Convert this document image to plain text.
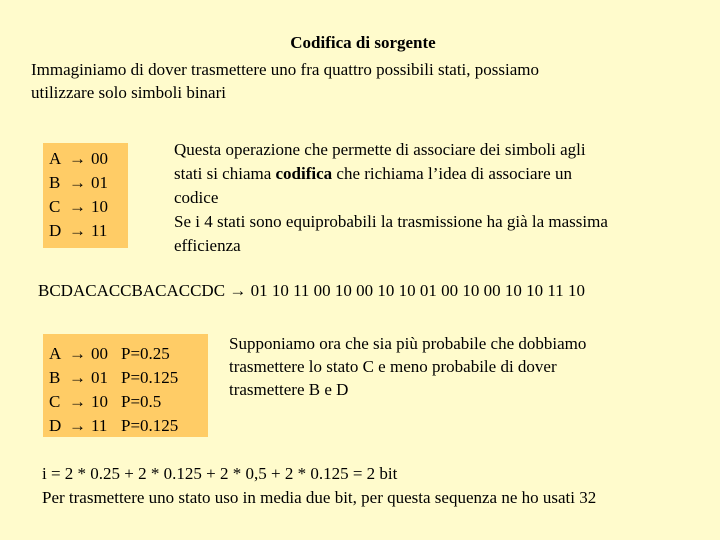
Codifica di sorgente
Immaginiamo di dover trasmettere uno fra quattro possibili stati, possiamo
utilizzare solo simboli binari
A → 00
B → 01
C → 10
D → 11
Questa operazione che permette di associare dei simboli agli
stati si chiama codifica che richiama l’idea di associare un
codice
Se i 4 stati sono equiprobabili la trasmissione ha già la massima
efficienza
BCDACACCBACACCDC → 01 10 11 00 10 00 10 10 01 00 10 00 10 10 11 10
A → 00 P=0.25
B → 01 P=0.125
C → 10 P=0.5
D → 11 P=0.125
Supponiamo ora che sia più probabile che dobbiamo
trasmettere lo stato C e meno probabile di dover
trasmettere B e D
i = 2 * 0.25 + 2 * 0.125 + 2 * 0,5 + 2 * 0.125 = 2 bit
Per trasmettere uno stato uso in media due bit, per questa sequenza ne ho usati 32
